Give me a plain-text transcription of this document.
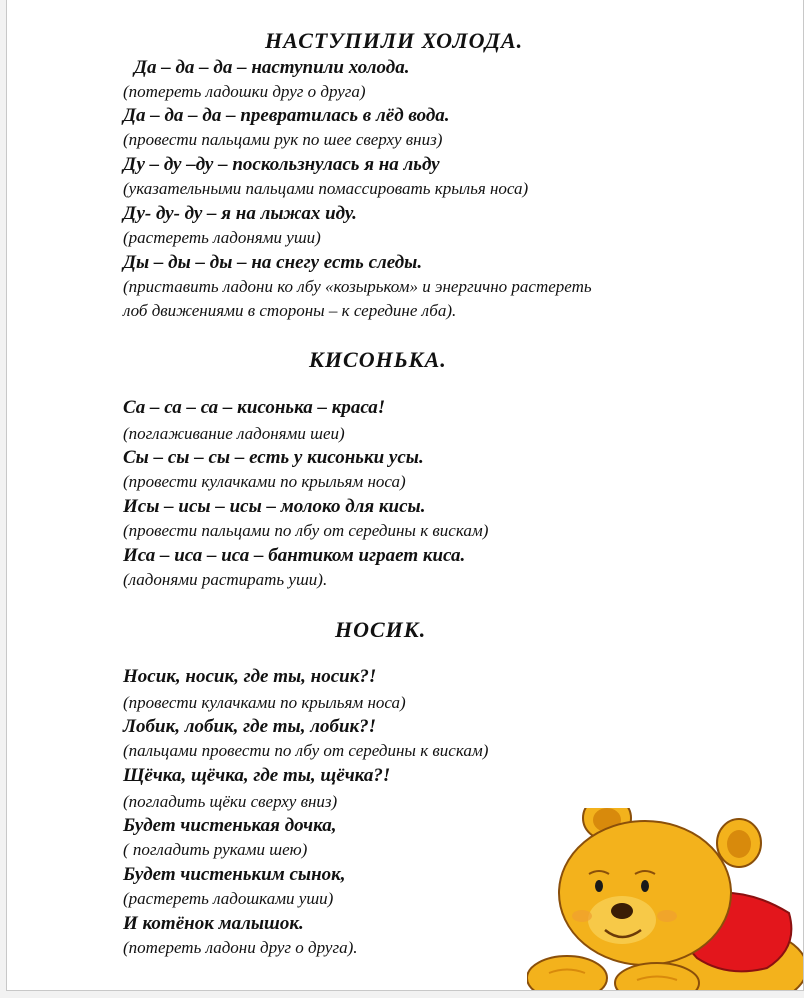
НАСТУПИЛИ ХОЛОДА.
Да – да – да – наступили холода.
(потереть ладошки друг о друга)
Да – да – да – превратилась в лёд вода.
(провести пальцами рук по шее сверху вниз)
Ду – ду –ду – поскользнулась я на льду
(указательными пальцами помассировать крылья носа)
Ду- ду- ду – я на лыжах иду.
(растереть ладонями уши)
Ды – ды – ды – на снегу есть следы.
(приставить ладони ко лбу «козырьком» и энергично растереть
лоб движениями в стороны – к середине лба).
КИСОНЬКА.
Са – са – са – кисонька – краса!
(поглаживание ладонями шеи)
Сы – сы – сы – есть у кисоньки усы.
(провести кулачками по крыльям носа)
Исы – исы – исы – молоко для кисы.
(провести пальцами по лбу от середины к вискам)
Иса – иса – иса – бантиком играет киса.
(ладонями растирать уши).
НОСИК.
Носик, носик, где ты, носик?!
(провести кулачками по крыльям носа)
Лобик, лобик, где ты, лобик?!
(пальцами провести по лбу от середины к вискам)
Щёчка, щёчка, где ты, щёчка?!
(погладить щёки сверху вниз)
Будет чистенькая дочка,
( погладить руками шею)
Будет чистеньким сынок,
(растереть ладошками уши)
И котёнок малышок.
(потереть ладони друг о друга).
